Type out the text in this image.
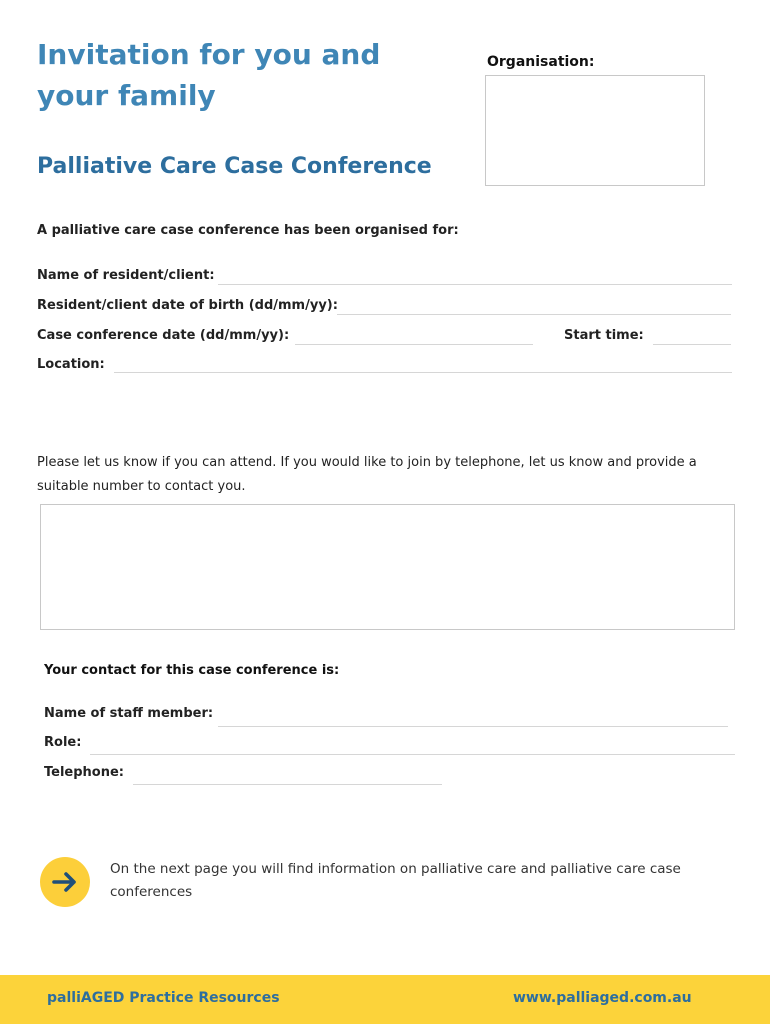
Invitation for you and your family
Palliative Care Case Conference
Organisation:
A palliative care case conference has been organised for:
Name of resident/client:
Resident/client date of birth (dd/mm/yy):
Case conference date (dd/mm/yy):	Start time:
Location:
Please let us know if you can attend. If you would like to join by telephone, let us know and provide a suitable number to contact you.
Your contact for this case conference is:
Name of staff member:
Role:
Telephone:
On the next page you will find information on palliative care and palliative care case conferences
palliAGED Practice Resources	www.palliaged.com.au
